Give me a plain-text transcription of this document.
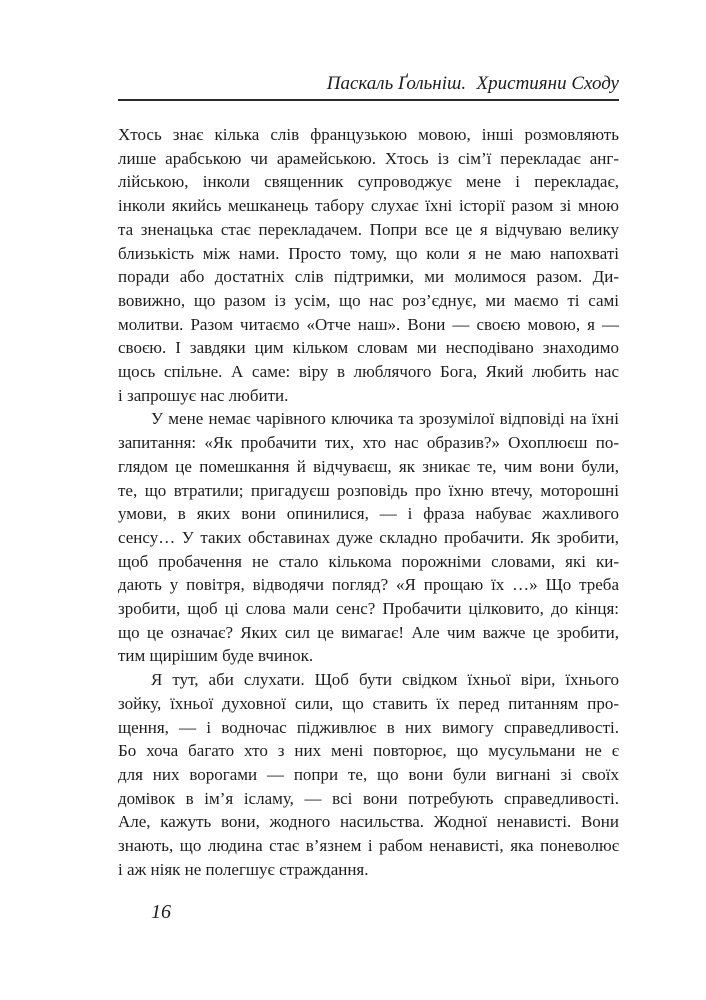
Паскаль Ґольніш. Християни Сходу
Хтось знає кілька слів французькою мовою, інші розмовляють
лише арабською чи арамейською. Хтось із сім’ї перекладає анг-
лійською, інколи священник супроводжує мене і перекладає,
інколи якийсь мешканець табору слухає їхні історії разом зі мною
та зненацька стає перекладачем. Попри все це я відчуваю велику
близькість між нами. Просто тому, що коли я не маю напохваті
поради або достатніх слів підтримки, ми молимося разом. Ди-
вовижно, що разом із усім, що нас роз’єднує, ми маємо ті самі
молитви. Разом читаємо «Отче наш». Вони — своєю мовою, я —
своєю. І завдяки цим кільком словам ми несподівано знаходимо
щось спільне. А саме: віру в люблячого Бога, Який любить нас
і запрошує нас любити.
У мене немає чарівного ключика та зрозумілої відповіді на їхні
запитання: «Як пробачити тих, хто нас образив?» Охоплюєш по-
глядом це помешкання й відчуваєш, як зникає те, чим вони були,
те, що втратили; пригадуєш розповідь про їхню втечу, моторошні
умови, в яких вони опинилися, — і фраза набуває жахливого
сенсу… У таких обставинах дуже складно пробачити. Як зробити,
щоб пробачення не стало кількома порожніми словами, які ки-
дають у повітря, відводячи погляд? «Я прощаю їх …» Що треба
зробити, щоб ці слова мали сенс? Пробачити цілковито, до кінця:
що це означає? Яких сил це вимагає! Але чим важче це зробити,
тим щирішим буде вчинок.
Я тут, аби слухати. Щоб бути свідком їхньої віри, їхнього
зойку, їхньої духовної сили, що ставить їх перед питанням про-
щення, — і водночас підживлює в них вимогу справедливості.
Бо хоча багато хто з них мені повторює, що мусульмани не є
для них ворогами — попри те, що вони були вигнані зі своїх
домівок в ім’я ісламу, — всі вони потребують справедливості.
Але, кажуть вони, жодного насильства. Жодної ненависті. Вони
знають, що людина стає в’язнем і рабом ненависті, яка поневолює
і аж ніяк не полегшує страждання.
16
